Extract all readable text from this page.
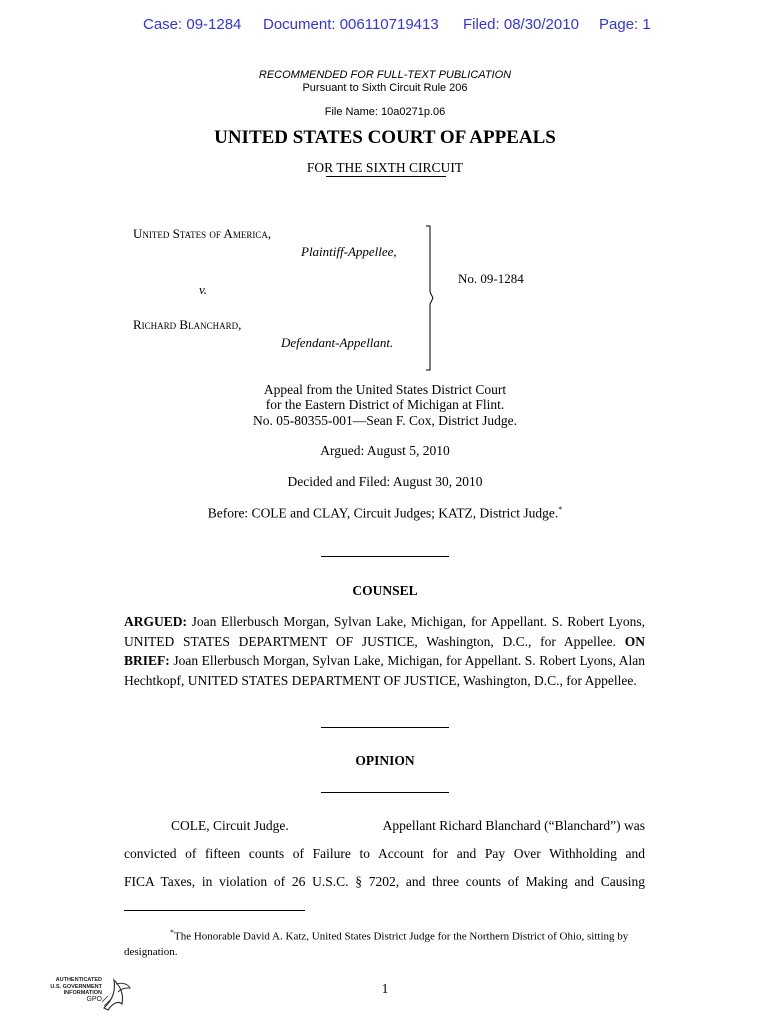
Case: 09-1284 Document: 006110719413 Filed: 08/30/2010 Page: 1
RECOMMENDED FOR FULL-TEXT PUBLICATION
Pursuant to Sixth Circuit Rule 206
File Name: 10a0271p.06
UNITED STATES COURT OF APPEALS
FOR THE SIXTH CIRCUIT
United States of America,
Plaintiff-Appellee,
v.
Richard Blanchard,
Defendant-Appellant.
No. 09-1284
Appeal from the United States District Court
for the Eastern District of Michigan at Flint.
No. 05-80355-001—Sean F. Cox, District Judge.
Argued: August 5, 2010
Decided and Filed: August 30, 2010
Before: COLE and CLAY, Circuit Judges; KATZ, District Judge.*
COUNSEL
ARGUED: Joan Ellerbusch Morgan, Sylvan Lake, Michigan, for Appellant. S. Robert Lyons, UNITED STATES DEPARTMENT OF JUSTICE, Washington, D.C., for Appellee. ON BRIEF: Joan Ellerbusch Morgan, Sylvan Lake, Michigan, for Appellant. S. Robert Lyons, Alan Hechtkopf, UNITED STATES DEPARTMENT OF JUSTICE, Washington, D.C., for Appellee.
OPINION
COLE, Circuit Judge.	Appellant Richard Blanchard (“Blanchard”) was
convicted of fifteen counts of Failure to Account for and Pay Over Withholding and
FICA Taxes, in violation of 26 U.S.C. § 7202, and three counts of Making and Causing
*The Honorable David A. Katz, United States District Judge for the Northern District of Ohio, sitting by designation.
1
AUTHENTICATED
U.S. GOVERNMENT
INFORMATION
GPO
